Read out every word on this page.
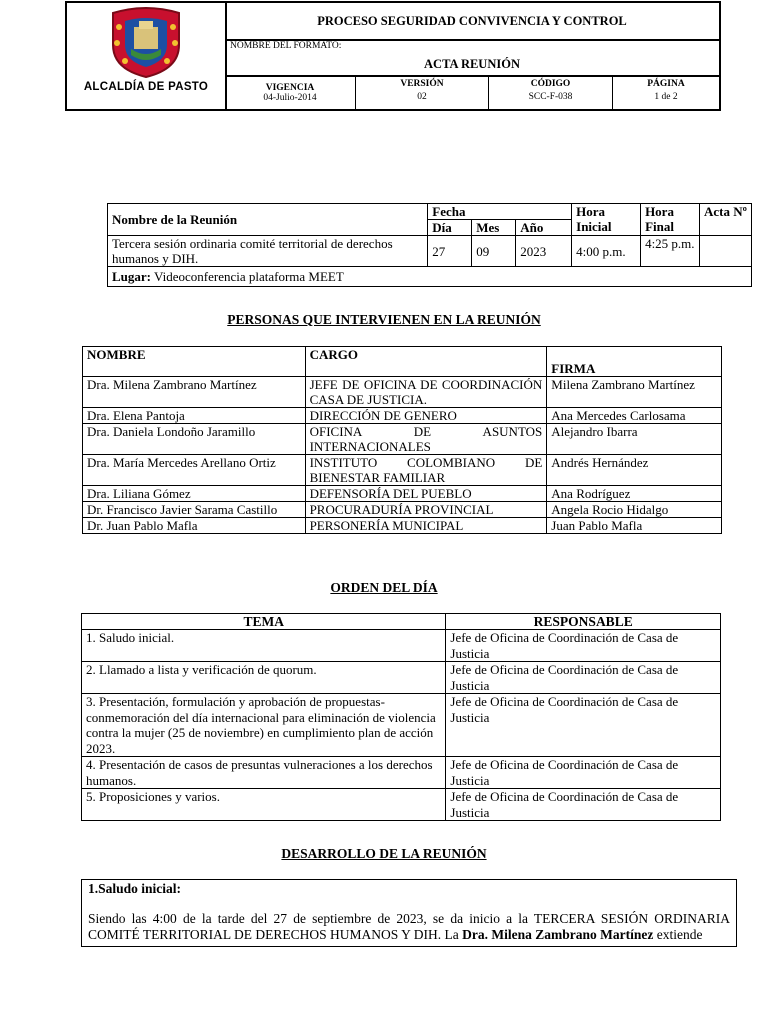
ALCALDÍA DE PASTO
PROCESO SEGURIDAD CONVIVENCIA Y CONTROL
NOMBRE DEL FORMATO:
ACTA REUNIÓN
VIGENCIA
04-Julio-2014
VERSIÓN
02
CÓDIGO
SCC-F-038
PÁGINA
1 de 2
Nombre de la Reunión	Fecha			Hora Inicial	Hora Final	Acta Nº
	Día	Mes	Año			
Tercera sesión ordinaria comité territorial de derechos humanos y DIH.	27	09	2023	4:00 p.m.	4:25 p.m.	
Lugar: Videoconferencia plataforma MEET						
PERSONAS QUE INTERVIENEN EN LA REUNIÓN
NOMBRE	CARGO	FIRMA
Dra. Milena Zambrano Martínez	JEFE DE OFICINA DE COORDINACIÓN CASA DE JUSTICIA.	Milena Zambrano Martínez
Dra. Elena Pantoja	DIRECCIÓN DE GENERO	Ana Mercedes Carlosama
Dra. Daniela Londoño Jaramillo	OFICINA DE ASUNTOS INTERNACIONALES	Alejandro Ibarra
Dra. María Mercedes Arellano Ortiz	INSTITUTO COLOMBIANO DE BIENESTAR FAMILIAR	Andrés Hernández
Dra. Liliana Gómez	DEFENSORÍA DEL PUEBLO	Ana Rodríguez
Dr. Francisco Javier Sarama Castillo	PROCURADURÍA PROVINCIAL	Angela Rocio Hidalgo
Dr. Juan Pablo Mafla	PERSONERÍA MUNICIPAL	Juan Pablo Mafla
ORDEN DEL DÍA
TEMA	RESPONSABLE
1. Saludo inicial.	Jefe de Oficina de Coordinación de Casa de Justicia
2. Llamado a lista y verificación de quorum.	Jefe de Oficina de Coordinación de Casa de Justicia
3. Presentación, formulación y aprobación de propuestas-conmemoración del día internacional para eliminación de violencia contra la mujer (25 de noviembre) en cumplimiento plan de acción 2023.	Jefe de Oficina de Coordinación de Casa de Justicia
4. Presentación de casos de presuntas vulneraciones a los derechos humanos.	Jefe de Oficina de Coordinación de Casa de Justicia
5. Proposiciones y varios.	Jefe de Oficina de Coordinación de Casa de Justicia
DESARROLLO DE LA REUNIÓN
1.Saludo inicial:
Siendo las 4:00 de la tarde del 27 de septiembre de 2023, se da inicio a la TERCERA SESIÓN ORDINARIA COMITÉ TERRITORIAL DE DERECHOS HUMANOS Y DIH. La Dra. Milena Zambrano Martínez extiende
